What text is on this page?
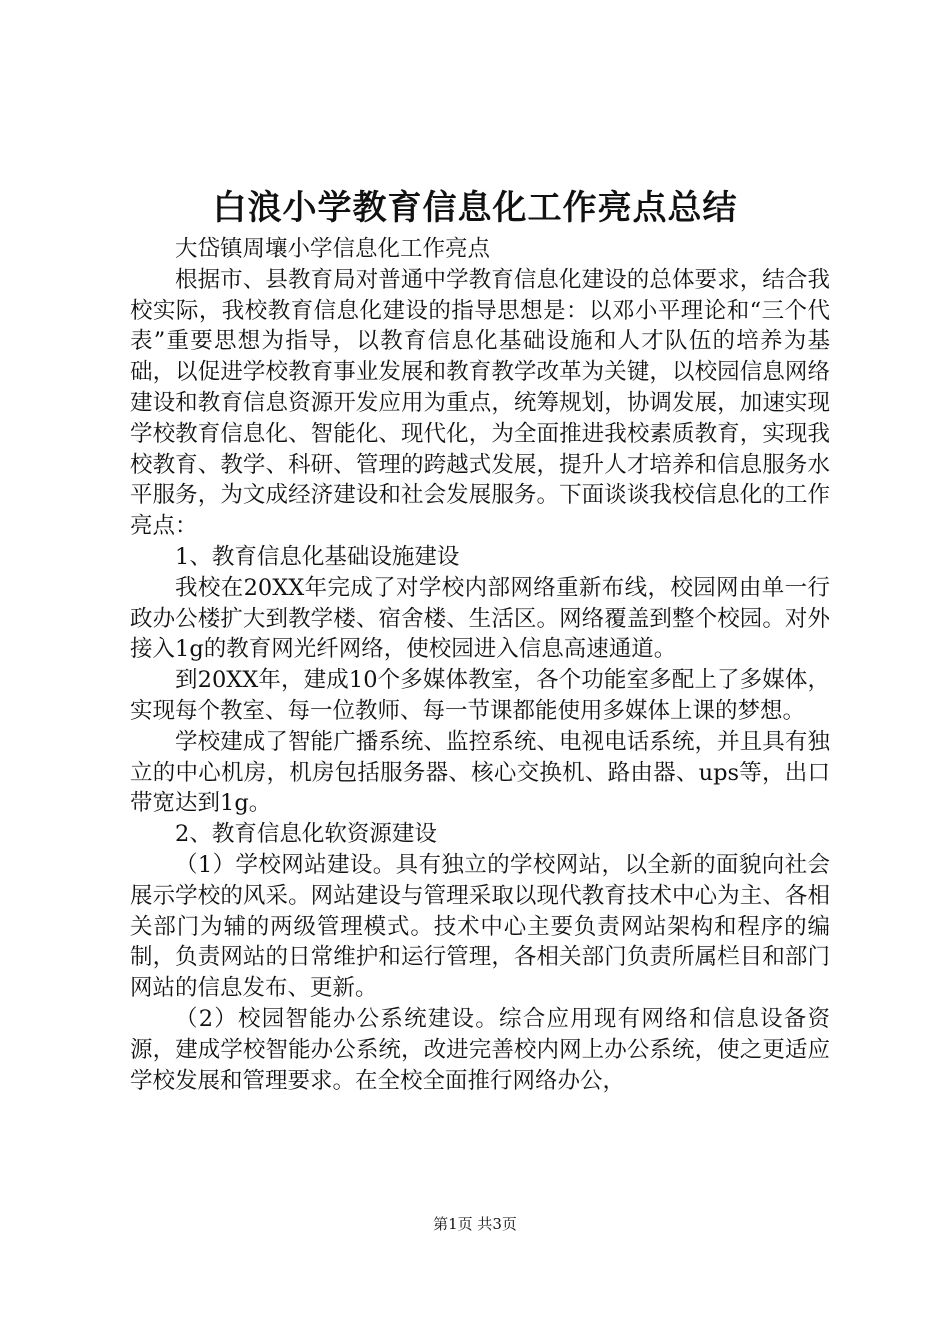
白浪小学教育信息化工作亮点总结

大岱镇周壤小学信息化工作亮点

根据市、县教育局对普通中学教育信息化建设的总体要求，结合我校实际，我校教育信息化建设的指导思想是：以邓小平理论和“三个代表”重要思想为指导，以教育信息化基础设施和人才队伍的培养为基础，以促进学校教育事业发展和教育教学改革为关键，以校园信息网络建设和教育信息资源开发应用为重点，统筹规划，协调发展，加速实现学校教育信息化、智能化、现代化，为全面推进我校素质教育，实现我校教育、教学、科研、管理的跨越式发展，提升人才培养和信息服务水平服务，为文成经济建设和社会发展服务。下面谈谈我校信息化的工作亮点：

1、教育信息化基础设施建设

我校在20XX年完成了对学校内部网络重新布线，校园网由单一行政办公楼扩大到教学楼、宿舍楼、生活区。网络覆盖到整个校园。对外接入1g的教育网光纤网络，使校园进入信息高速通道。

到20XX年，建成10个多媒体教室，各个功能室多配上了多媒体，实现每个教室、每一位教师、每一节课都能使用多媒体上课的梦想。

学校建成了智能广播系统、监控系统、电视电话系统，并且具有独立的中心机房，机房包括服务器、核心交换机、路由器、ups等，出口带宽达到1g。

2、教育信息化软资源建设

（1）学校网站建设。具有独立的学校网站，以全新的面貌向社会展示学校的风采。网站建设与管理采取以现代教育技术中心为主、各相关部门为辅的两级管理模式。技术中心主要负责网站架构和程序的编制，负责网站的日常维护和运行管理，各相关部门负责所属栏目和部门网站的信息发布、更新。

（2）校园智能办公系统建设。综合应用现有网络和信息设备资源，建成学校智能办公系统，改进完善校内网上办公系统，使之更适应学校发展和管理要求。在全校全面推行网络办公，

第1页 共3页
